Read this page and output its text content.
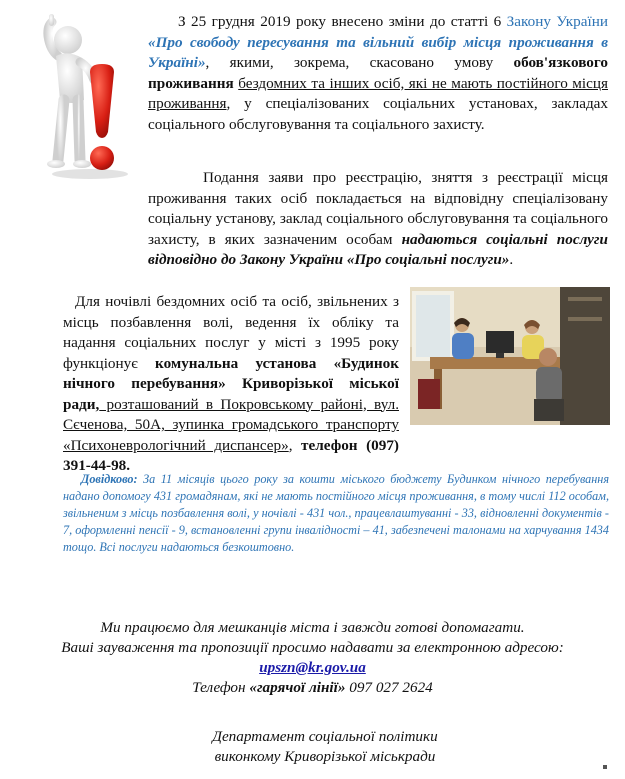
З 25 грудня 2019 року внесено зміни до статті 6 Закону України «Про свободу пересування та вільний вибір місця проживання в Україні», якими, зокрема, скасовано умову обов'язкового проживання бездомних та інших осіб, які не мають постійного місця проживання, у спеціалізованих соціальних установах, закладах соціального обслуговування та соціального захисту.
Подання заяви про реєстрацію, зняття з реєстрації місця проживання таких осіб покладається на відповідну спеціалізовану соціальну установу, заклад соціального обслуговування та соціального захисту, в яких зазначеним особам надаються соціальні послуги відповідно до Закону України «Про соціальні послуги».
Для ночівлі бездомних осіб та осіб, звільнених з місць позбавлення волі, ведення їх обліку та надання соціальних послуг у місті з 1995 року функціонує комунальна установа «Будинок нічного перебування» Криворізької міської ради, розташований в Покровському районі, вул. Сєченова, 50А, зупинка громадського транспорту «Психоневрологічний диспансер», телефон (097) 391-44-98.
Довідково: За 11 місяців цього року за кошти міського бюджету Будинком нічного перебування надано допомогу 431 громадянам, які не мають постійного місця проживання, в тому числі 112 особам, звільненим з місць позбавлення волі, у ночівлі - 431 чол., працевлаштуванні - 33, відновленні документів - 7, оформленні пенсії - 9, встановленні групи інвалідності – 41, забезпечені талонами на харчування 1434 тощо. Всі послуги надаються безкоштовно.
Ми працюємо для мешканців міста і завжди готові допомагати.
Ваші зауваження та пропозиції просимо надавати за електронною адресою:
upszn@kr.gov.ua
Телефон «гарячої лінії» 097 027 2624
Департамент соціальної політики
виконкому Криворізької міськради
